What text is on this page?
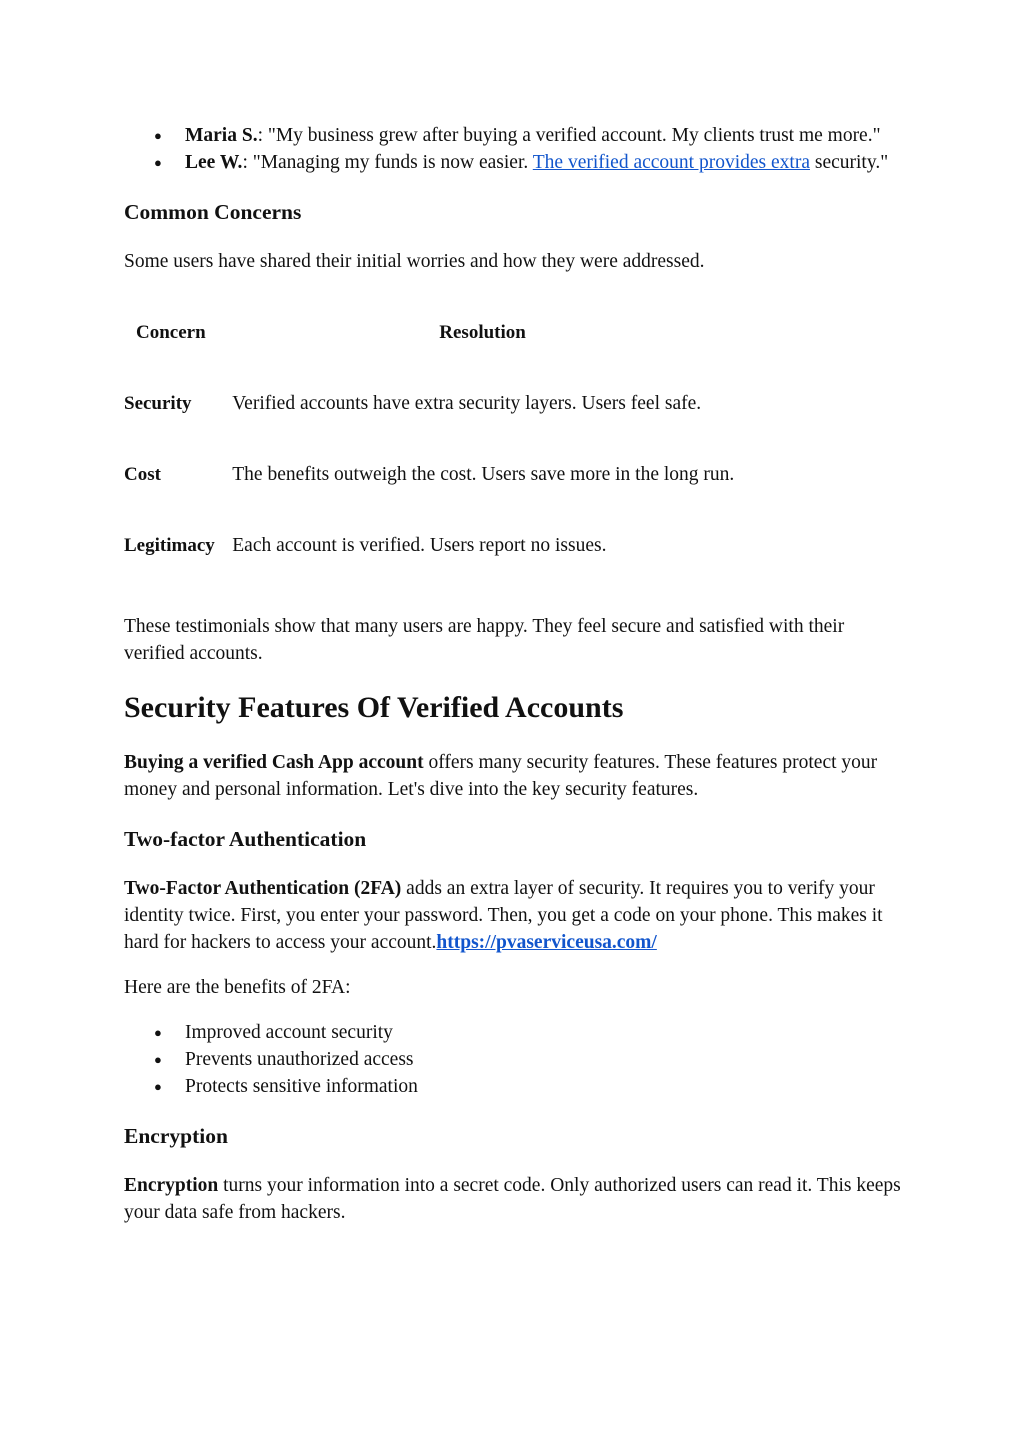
● Maria S.: "My business grew after buying a verified account. My clients trust me more."
● Lee W.: "Managing my funds is now easier. The verified account provides extra security."
Common Concerns

Some users have shared their initial worries and how they were addressed.

Concern	Resolution
Security	Verified accounts have extra security layers. Users feel safe.
Cost	The benefits outweigh the cost. Users save more in the long run.
Legitimacy	Each account is verified. Users report no issues.

These testimonials show that many users are happy. They feel secure and satisfied with their verified accounts.

Security Features Of Verified Accounts

Buying a verified Cash App account offers many security features. These features protect your money and personal information. Let's dive into the key security features.

Two-factor Authentication

Two-Factor Authentication (2FA) adds an extra layer of security. It requires you to verify your identity twice. First, you enter your password. Then, you get a code on your phone. This makes it hard for hackers to access your account.https://pvaserviceusa.com/

Here are the benefits of 2FA:

● Improved account security
● Prevents unauthorized access
● Protects sensitive information
Encryption

Encryption turns your information into a secret code. Only authorized users can read it. This keeps your data safe from hackers.
